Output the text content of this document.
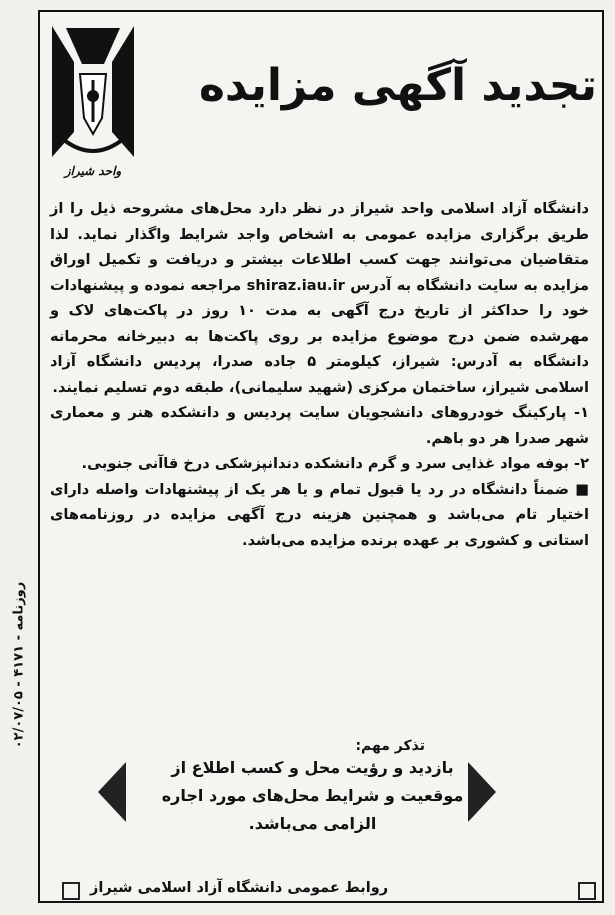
واحد شیراز
تجدید آگهی مزایده

دانشگاه آزاد اسلامی واحد شیراز در نظر دارد محل‌های مشروحه ذیل را از طریق برگزاری مزایده عمومی به اشخاص واجد شرایط واگذار نماید. لذا متقاضیان می‌توانند جهت کسب اطلاعات بیشتر و دریافت و تکمیل اوراق مزایده به سایت دانشگاه به آدرس shiraz.iau.ir مراجعه نموده و پیشنهادات خود را حداکثر از تاریخ درج آگهی به مدت ۱۰ روز در پاکت‌های لاک و مهرشده ضمن درج موضوع مزایده بر روی پاکت‌ها به دبیرخانه محرمانه دانشگاه به آدرس: شیراز، کیلومتر ۵ جاده صدرا، پردیس دانشگاه آزاد اسلامی شیراز، ساختمان مرکزی (شهید سلیمانی)، طبقه دوم تسلیم نمایند.

۱- پارکینگ خودروهای دانشجویان سایت پردیس و دانشکده هنر و معماری شهر صدرا هر دو باهم.

۲- بوفه مواد غذایی سرد و گرم دانشکده دندانپزشکی درخ قاآنی جنوبی.

■ ضمناً دانشگاه در رد یا قبول تمام و یا هر یک از پیشنهادات واصله دارای اختیار تام می‌باشد و همچنین هزینه درج آگهی مزایده در روزنامه‌های استانی و کشوری بر عهده برنده مزایده می‌باشد.

تذکر مهم:
بازدید و رؤیت محل و کسب اطلاع از
موقعیت و شرایط محل‌های مورد اجاره
الزامی می‌باشد.
روابط عمومی دانشگاه آزاد اسلامی شیراز
۰۲/۰۷/۰۵ - ۴۱۷۱ - روزنامه
